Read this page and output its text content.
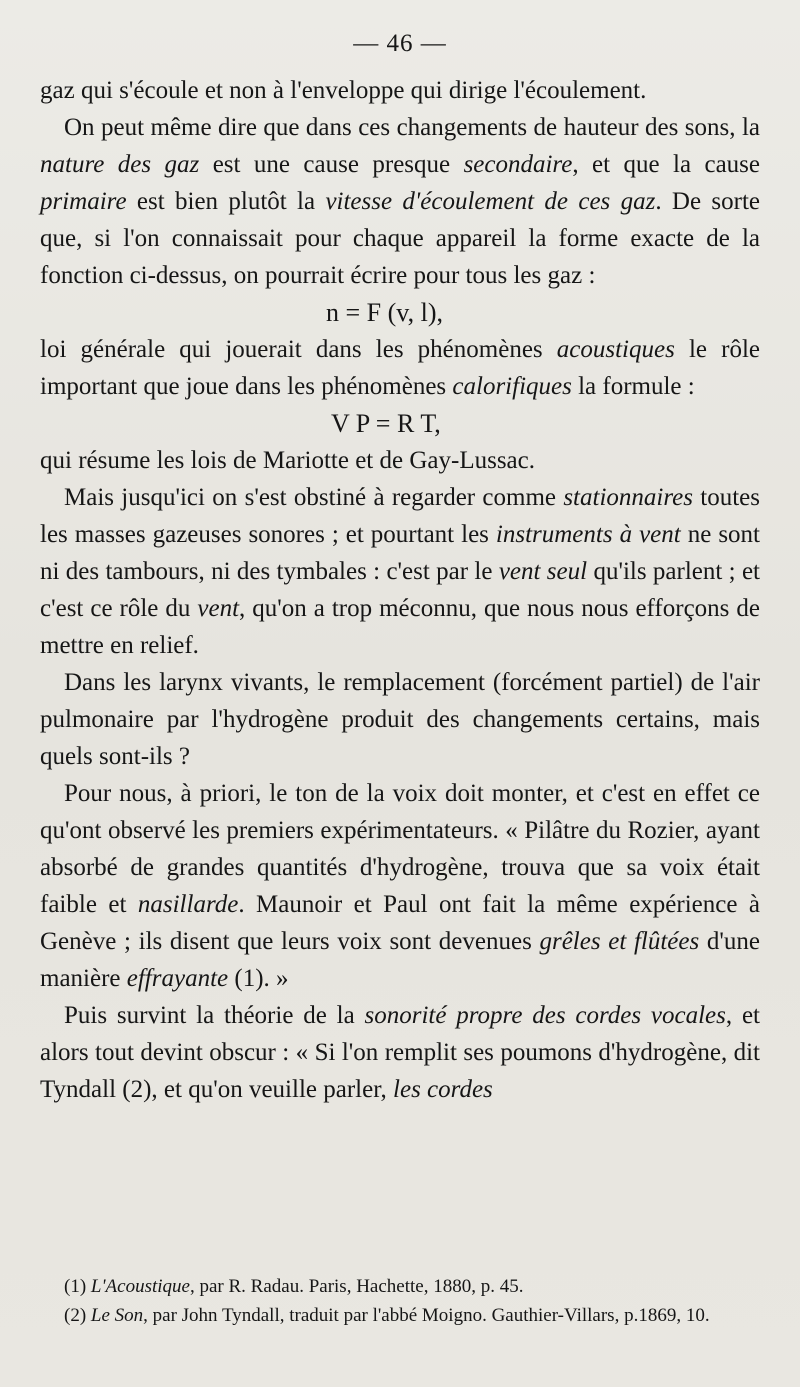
— 46 —

gaz qui s'écoule et non à l'enveloppe qui dirige l'écoulement.

On peut même dire que dans ces changements de hauteur des sons, la nature des gaz est une cause presque secondaire, et que la cause primaire est bien plutôt la vitesse d'écoulement de ces gaz. De sorte que, si l'on connaissait pour chaque appareil la forme exacte de la fonction ci-dessus, on pourrait écrire pour tous les gaz :

n = F (v, l),

loi générale qui jouerait dans les phénomènes acoustiques le rôle important que joue dans les phénomènes calorifiques la formule :

V P = R T,

qui résume les lois de Mariotte et de Gay-Lussac.

Mais jusqu'ici on s'est obstiné à regarder comme stationnaires toutes les masses gazeuses sonores ; et pourtant les instruments à vent ne sont ni des tambours, ni des tymbales : c'est par le vent seul qu'ils parlent ; et c'est ce rôle du vent, qu'on a trop méconnu, que nous nous efforçons de mettre en relief.

Dans les larynx vivants, le remplacement (forcément partiel) de l'air pulmonaire par l'hydrogène produit des changements certains, mais quels sont-ils ?

Pour nous, à priori, le ton de la voix doit monter, et c'est en effet ce qu'ont observé les premiers expérimentateurs. « Pilâtre du Rozier, ayant absorbé de grandes quantités d'hydrogène, trouva que sa voix était faible et nasillarde. Maunoir et Paul ont fait la même expérience à Genève ; ils disent que leurs voix sont devenues grêles et flûtées d'une manière effrayante (1). »

Puis survint la théorie de la sonorité propre des cordes vocales, et alors tout devint obscur : « Si l'on remplit ses poumons d'hydrogène, dit Tyndall (2), et qu'on veuille parler, les cordes

(1) L'Acoustique, par R. Radau. Paris, Hachette, 1880, p. 45.

(2) Le Son, par John Tyndall, traduit par l'abbé Moigno. Gauthier-Villars, p.1869, 10.
